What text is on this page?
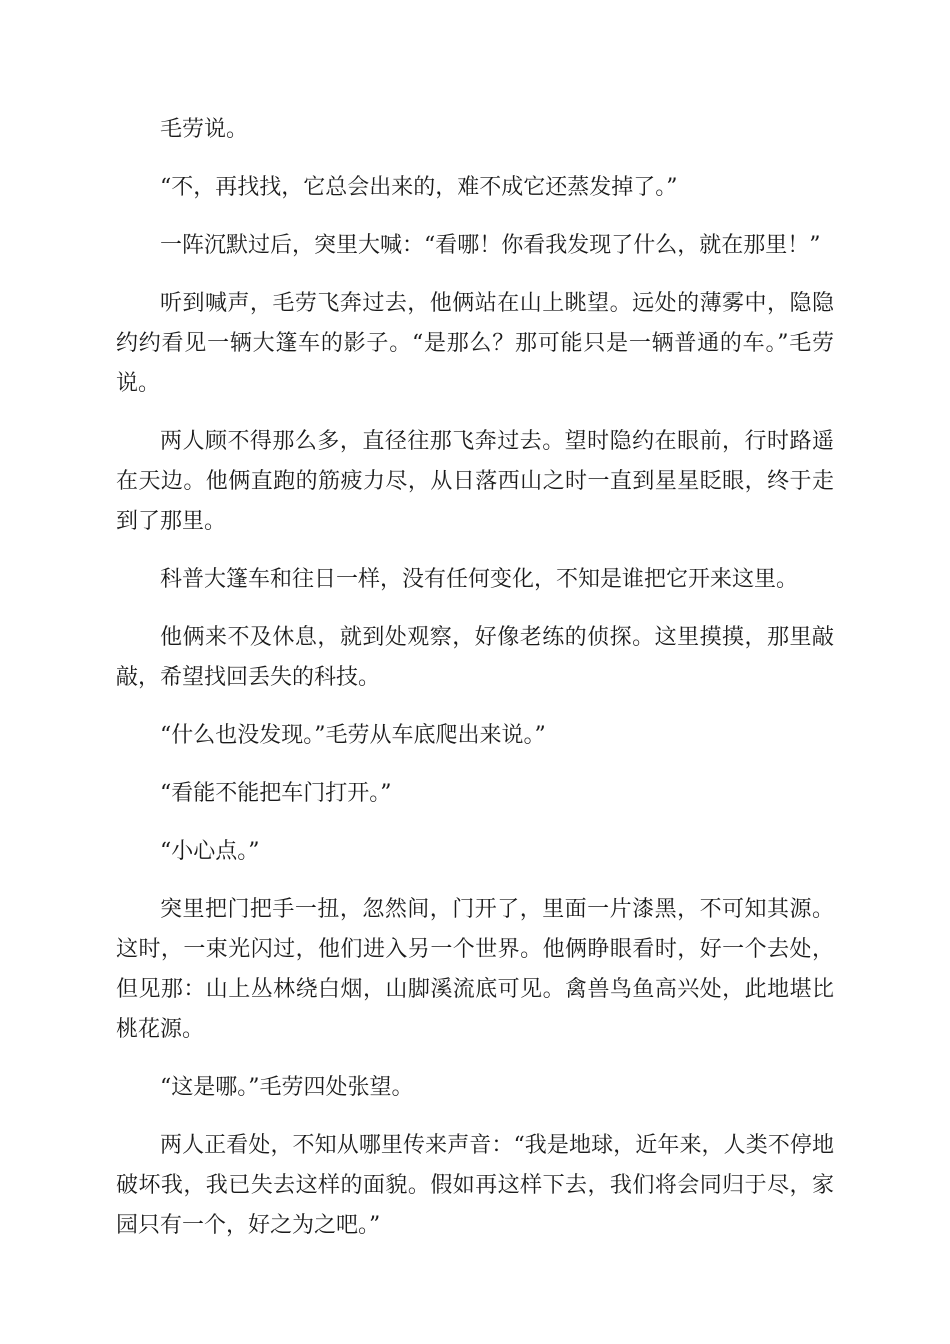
毛劳说。

“不，再找找，它总会出来的，难不成它还蒸发掉了。”

一阵沉默过后，突里大喊：“看哪！你看我发现了什么，就在那里！”

听到喊声，毛劳飞奔过去，他俩站在山上眺望。远处的薄雾中，隐隐约约看见一辆大篷车的影子。“是那么？那可能只是一辆普通的车。”毛劳说。

两人顾不得那么多，直径往那飞奔过去。望时隐约在眼前，行时路遥在天边。他俩直跑的筋疲力尽，从日落西山之时一直到星星眨眼，终于走到了那里。

科普大篷车和往日一样，没有任何变化，不知是谁把它开来这里。

他俩来不及休息，就到处观察，好像老练的侦探。这里摸摸，那里敲敲，希望找回丢失的科技。

“什么也没发现。”毛劳从车底爬出来说。”

“看能不能把车门打开。”

“小心点。”

突里把门把手一扭，忽然间，门开了，里面一片漆黑，不可知其源。这时，一束光闪过，他们进入另一个世界。他俩睁眼看时，好一个去处，但见那：山上丛林绕白烟，山脚溪流底可见。禽兽鸟鱼高兴处，此地堪比桃花源。

“这是哪。”毛劳四处张望。

两人正看处，不知从哪里传来声音：“我是地球，近年来，人类不停地破坏我，我已失去这样的面貌。假如再这样下去，我们将会同归于尽，家园只有一个，好之为之吧。”
